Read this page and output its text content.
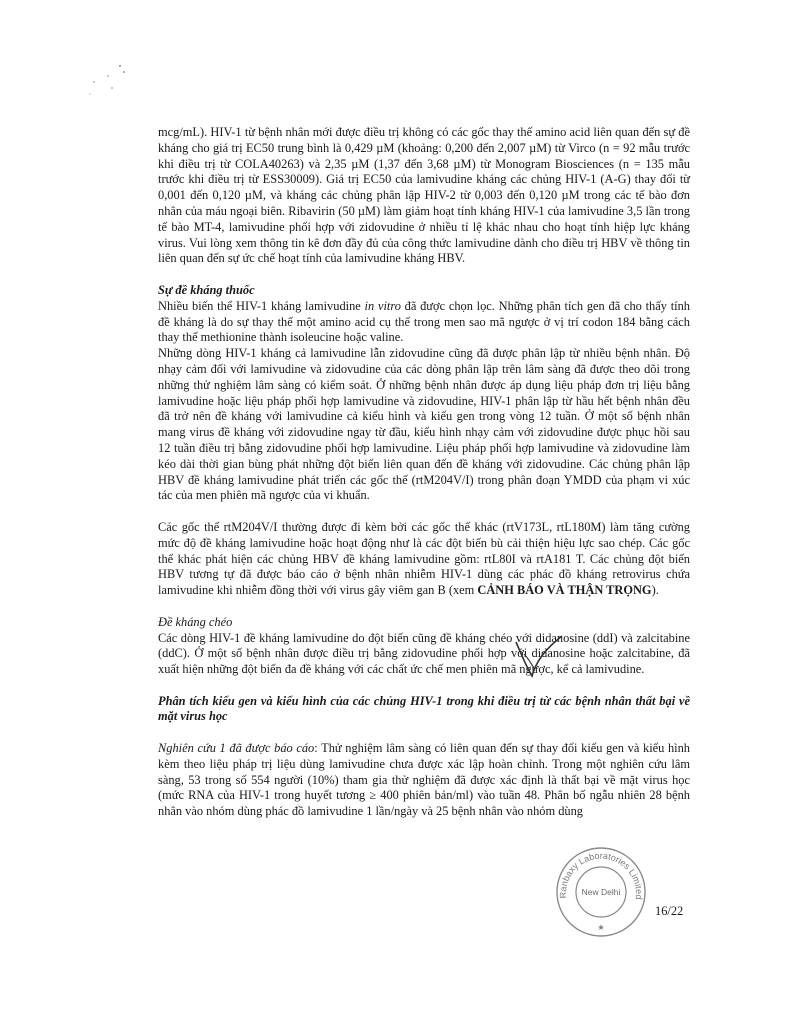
mcg/mL). HIV-1 từ bệnh nhân mới được điều trị không có các gốc thay thế amino acid liên quan đến sự đề kháng cho giá trị EC50 trung bình là 0,429 µM (khoảng: 0,200 đến 2,007 µM) từ Virco (n = 92 mẫu trước khi điều trị từ COLA40263) và 2,35 µM (1,37 đến 3,68 µM) từ Monogram Biosciences (n = 135 mẫu trước khi điều trị từ ESS30009). Giá trị EC50 của lamivudine kháng các chủng HIV-1 (A-G) thay đổi từ 0,001 đến 0,120 µM, và kháng các chủng phân lập HIV-2 từ 0,003 đến 0,120 µM trong các tế bào đơn nhân của máu ngoại biên. Ribavirin (50 µM) làm giảm hoạt tính kháng HIV-1 của lamivudine 3,5 lần trong tế bào MT-4, lamivudine phối hợp với zidovudine ở nhiều tỉ lệ khác nhau cho hoạt tính hiệp lực kháng virus. Vui lòng xem thông tin kê đơn đầy đủ của công thức lamivudine dành cho điều trị HBV về thông tin liên quan đến sự ức chế hoạt tính của lamivudine kháng HBV.

Sự đề kháng thuốc

Nhiều biến thể HIV-1 kháng lamivudine in vitro đã được chọn lọc. Những phân tích gen đã cho thấy tính đề kháng là do sự thay thế một amino acid cụ thể trong men sao mã ngược ở vị trí codon 184 bằng cách thay thế methionine thành isoleucine hoặc valine.

Những dòng HIV-1 kháng cả lamivudine lẫn zidovudine cũng đã được phân lập từ nhiều bệnh nhân. Độ nhạy cảm đối với lamivudine và zidovudine của các dòng phân lập trên lâm sàng đã được theo dõi trong những thử nghiệm lâm sàng có kiểm soát. Ở những bệnh nhân được áp dụng liệu pháp đơn trị liệu bằng lamivudine hoặc liệu pháp phối hợp lamivudine và zidovudine, HIV-1 phân lập từ hầu hết bệnh nhân đều đã trở nên đề kháng với lamivudine cả kiểu hình và kiểu gen trong vòng 12 tuần. Ở một số bệnh nhân mang virus đề kháng với zidovudine ngay từ đầu, kiểu hình nhạy cảm với zidovudine được phục hồi sau 12 tuần điều trị bằng zidovudine phối hợp lamivudine. Liệu pháp phối hợp lamivudine và zidovudine làm kéo dài thời gian bùng phát những đột biến liên quan đến đề kháng với zidovudine. Các chủng phân lập HBV đề kháng lamivudine phát triển các gốc thế (rtM204V/I) trong phân đoạn YMDD của phạm vi xúc tác của men phiên mã ngược của vi khuẩn.

Các gốc thế rtM204V/I thường được đi kèm bởi các gốc thế khác (rtV173L, rtL180M) làm tăng cường mức độ đề kháng lamivudine hoặc hoạt động như là các đột biến bù cải thiện hiệu lực sao chép. Các gốc thế khác phát hiện các chủng HBV đề kháng lamivudine gồm: rtL80I và rtA181 T. Các chủng đột biến HBV tương tự đã được báo cáo ở bệnh nhân nhiễm HIV-1 dùng các phác đồ kháng retrovirus chứa lamivudine khi nhiễm đồng thời với virus gây viêm gan B (xem CẢNH BÁO VÀ THẬN TRỌNG).

Đề kháng chéo

Các dòng HIV-1 đề kháng lamivudine do đột biến cũng đề kháng chéo với didanosine (ddI) và zalcitabine (ddC). Ở một số bệnh nhân được điều trị bằng zidovudine phối hợp với didanosine hoặc zalcitabine, đã xuất hiện những đột biến đa đề kháng với các chất ức chế men phiên mã ngược, kể cả lamivudine.

Phân tích kiểu gen và kiểu hình của các chủng HIV-1 trong khi điều trị từ các bệnh nhân thất bại về mặt virus học

Nghiên cứu 1 đã được báo cáo: Thử nghiệm lâm sàng có liên quan đến sự thay đổi kiểu gen và kiểu hình kèm theo liệu pháp trị liệu dùng lamivudine chưa được xác lập hoàn chỉnh. Trong một nghiên cứu lâm sàng, 53 trong số 554 người (10%) tham gia thử nghiệm đã được xác định là thất bại về mặt virus học (mức RNA của HIV-1 trong huyết tương ≥ 400 phiên bản/ml) vào tuần 48. Phân bố ngẫu nhiên 28 bệnh nhân vào nhóm dùng phác đồ lamivudine 1 lần/ngày và 25 bệnh nhân vào nhóm dùng

Ranbaxy Laboratories Limited
New Delhi
★
16/22
